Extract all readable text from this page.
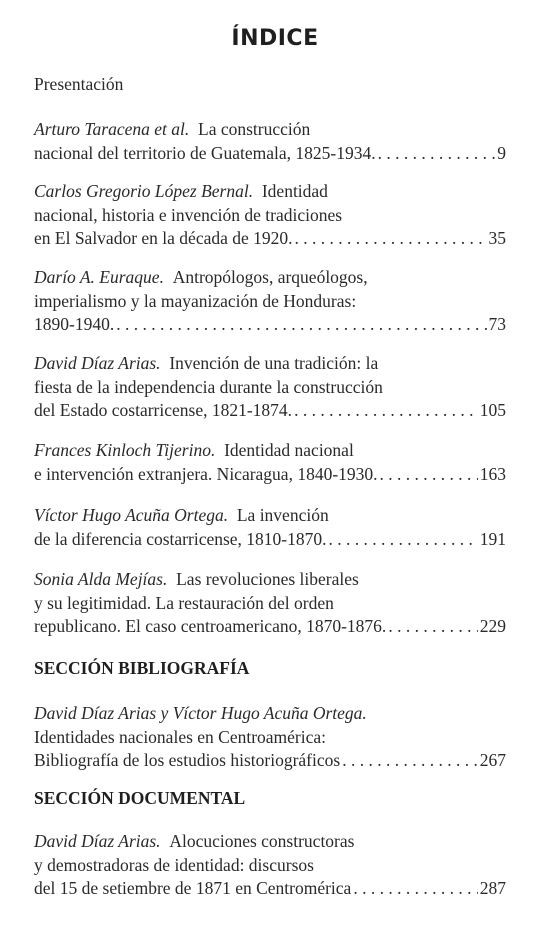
ÍNDICE
Presentación
Arturo Taracena et al.
La construcción
nacional del territorio de Guatemala, 1825-1934. . . .	9
Carlos Gregorio López Bernal.
Identidad
nacional, historia e invención de tradiciones
en El Salvador en la década de 1920. . . .	35
Darío A. Euraque.
Antropólogos, arqueólogos,
imperialismo y la mayanización de Honduras:
1890-1940. . . .	73
David Díaz Arias.
Invención de una tradición: la
fiesta de la independencia durante la construcción
del Estado costarricense, 1821-1874. . . .	105
Frances Kinloch Tijerino.
Identidad nacional
e intervención extranjera. Nicaragua, 1840-1930. . . .	163
Víctor Hugo Acuña Ortega.
La invención
de la diferencia costarricense, 1810-1870. . . .	191
Sonia Alda Mejías.
Las revoluciones liberales
y su legitimidad. La restauración del orden
republicano. El caso centroamericano, 1870-1876. . . .	229
SECCIÓN BIBLIOGRAFÍA
David Díaz Arias y Víctor Hugo Acuña Ortega.
Identidades nacionales en Centroamérica:
Bibliografía de los estudios historiográficos . . .	267
SECCIÓN DOCUMENTAL
David Díaz Arias.
Alocuciones constructoras
y demostradoras de identidad: discursos
del 15 de setiembre de 1871 en Centromérica . . .	287
